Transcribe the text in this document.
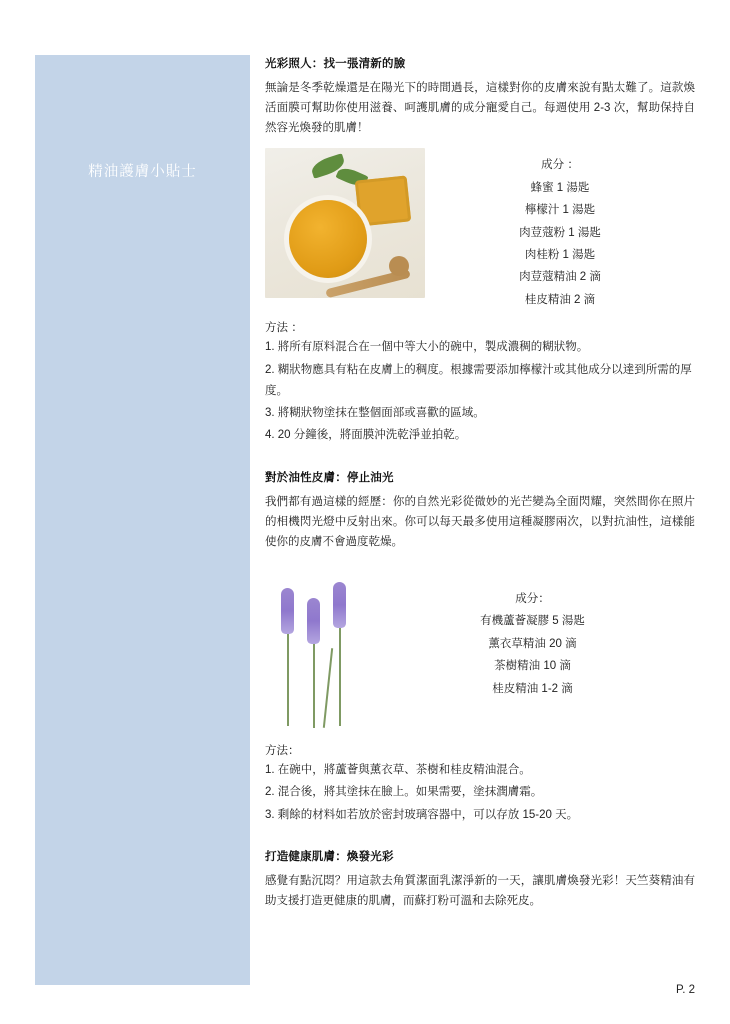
精油護膚小貼士
光彩照人：找一張清新的臉

無論是冬季乾燥還是在陽光下的時間過長，這樣對你的皮膚來說有點太難了。這款煥活面膜可幫助你使用滋養、呵護肌膚的成分寵愛自己。每週使用 2-3 次，幫助保持自然容光煥發的肌膚！

成分 ：
蜂蜜 1 湯匙
檸檬汁 1 湯匙
肉荳蔻粉 1 湯匙
肉桂粉 1 湯匙
肉荳蔻精油 2 滴
桂皮精油 2 滴
方法 ：
1. 將所有原料混合在一個中等大小的碗中，製成濃稠的糊狀物。
2. 糊狀物應具有粘在皮膚上的稠度。根據需要添加檸檬汁或其他成分以達到所需的厚度。
3. 將糊狀物塗抹在整個面部或喜歡的區域。
4. 20 分鐘後，將面膜沖洗乾淨並拍乾。
對於油性皮膚：停止油光

我們都有過這樣的經歷：你的自然光彩從微妙的光芒變為全面閃耀，突然間你在照片的相機閃光燈中反射出來。你可以每天最多使用這種凝膠兩次，以對抗油性，這樣能使你的皮膚不會過度乾燥。

成分：
有機蘆薈凝膠 5 湯匙
薰衣草精油 20 滴
茶樹精油 10 滴
桂皮精油 1-2 滴
方法：
1. 在碗中，將蘆薈與薰衣草、茶樹和桂皮精油混合。
2. 混合後，將其塗抹在臉上。如果需要，塗抹潤膚霜。
3. 剩餘的材料如若放於密封玻璃容器中，可以存放 15-20 天。
打造健康肌膚：煥發光彩

感覺有點沉悶？用這款去角質潔面乳潔淨新的一天，讓肌膚煥發光彩！天竺葵精油有助支援打造更健康的肌膚，而蘇打粉可溫和去除死皮。

P. 2
